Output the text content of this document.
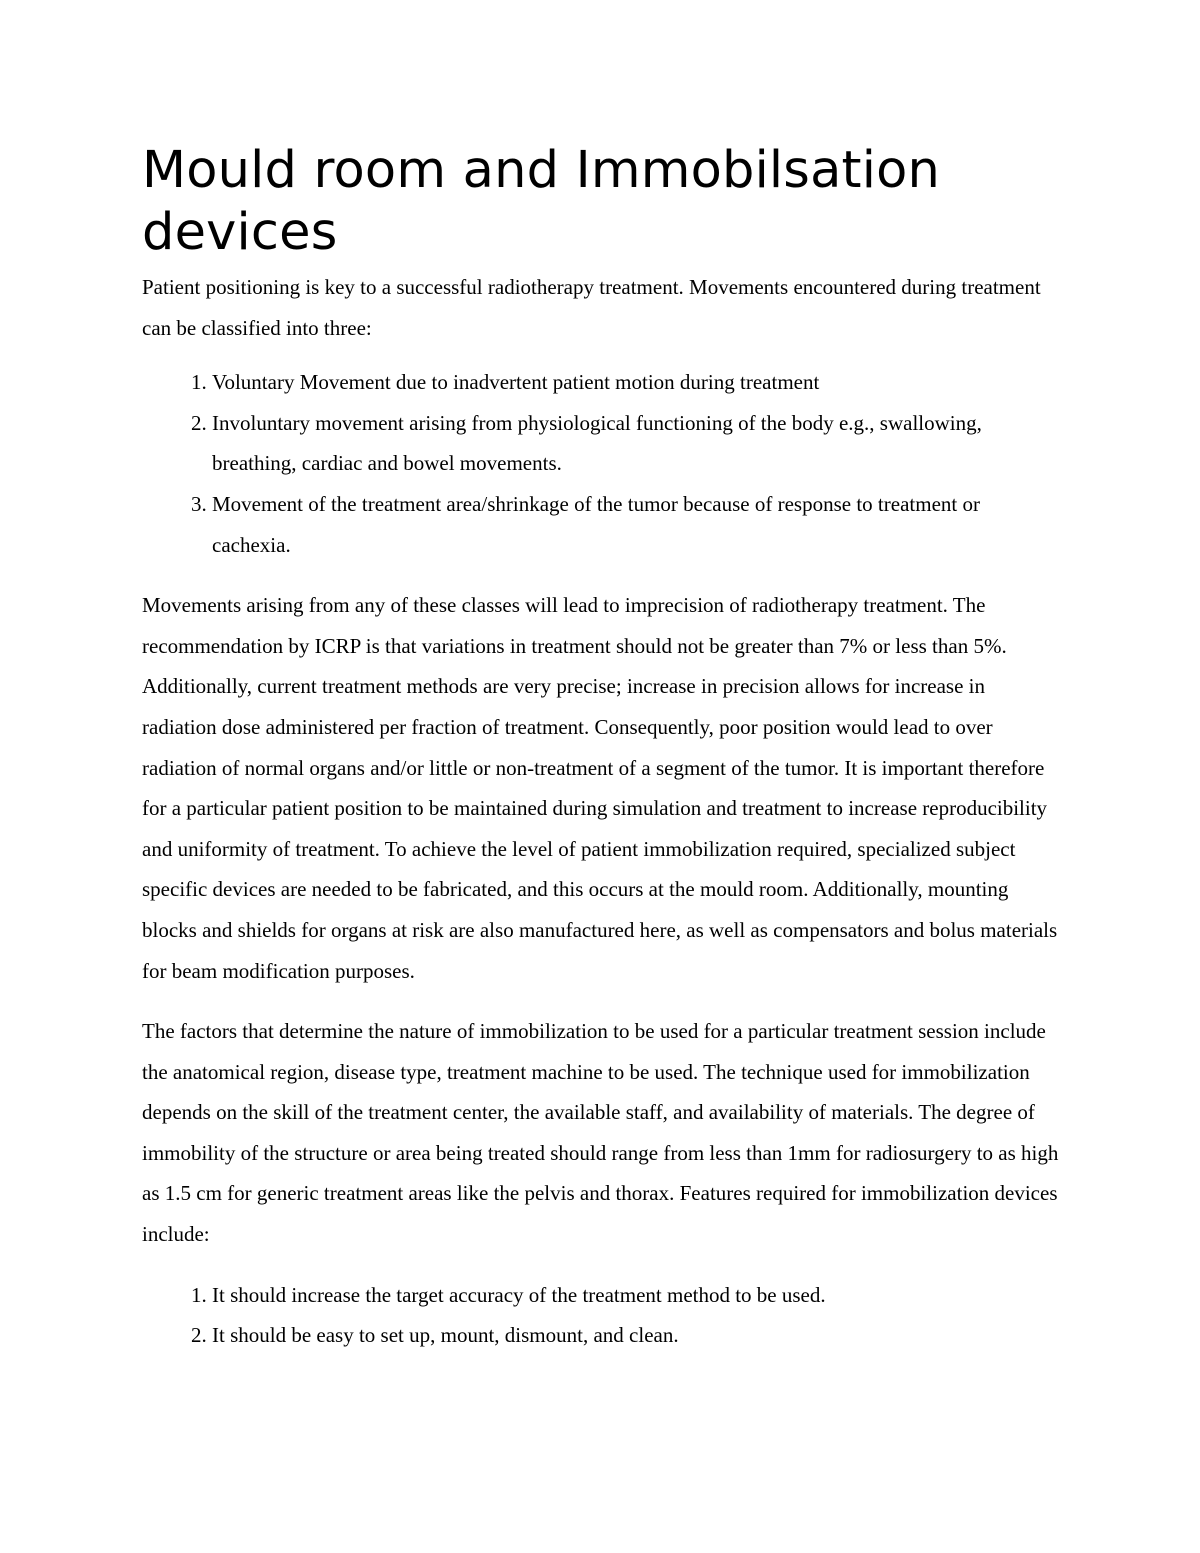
Mould room and Immobilsation devices

Patient positioning is key to a successful radiotherapy treatment. Movements encountered during treatment can be classified into three:

1. Voluntary Movement due to inadvertent patient motion during treatment
2. Involuntary movement arising from physiological functioning of the body e.g., swallowing, breathing, cardiac and bowel movements.
3. Movement of the treatment area/shrinkage of the tumor because of response to treatment or cachexia.

Movements arising from any of these classes will lead to imprecision of radiotherapy treatment. The recommendation by ICRP is that variations in treatment should not be greater than 7% or less than 5%. Additionally, current treatment methods are very precise; increase in precision allows for increase in radiation dose administered per fraction of treatment. Consequently, poor position would lead to over radiation of normal organs and/or little or non-treatment of a segment of the tumor. It is important therefore for a particular patient position to be maintained during simulation and treatment to increase reproducibility and uniformity of treatment. To achieve the level of patient immobilization required, specialized subject specific devices are needed to be fabricated, and this occurs at the mould room. Additionally, mounting blocks and shields for organs at risk are also manufactured here, as well as compensators and bolus materials for beam modification purposes.

The factors that determine the nature of immobilization to be used for a particular treatment session include the anatomical region, disease type, treatment machine to be used. The technique used for immobilization depends on the skill of the treatment center, the available staff, and availability of materials. The degree of immobility of the structure or area being treated should range from less than 1mm for radiosurgery to as high as 1.5 cm for generic treatment areas like the pelvis and thorax. Features required for immobilization devices include:

1. It should increase the target accuracy of the treatment method to be used.
2. It should be easy to set up, mount, dismount, and clean.
